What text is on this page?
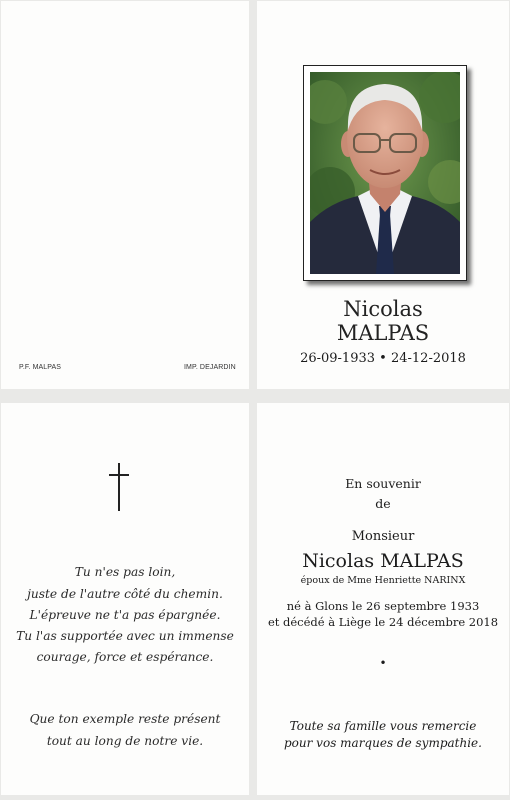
P.F. MALPAS	IMP. DEJARDIN
Nicolas
MALPAS
26-09-1933 • 24-12-2018
Tu n'es pas loin,
juste de l'autre côté du chemin.
L'épreuve ne t'a pas épargnée.
Tu l'as supportée avec un immense
courage, force et espérance.
Que ton exemple reste présent
tout au long de notre vie.
En souvenir
de
Monsieur
Nicolas MALPAS
époux de Mme Henriette NARINX
né à Glons le 26 septembre 1933
et décédé à Liège le 24 décembre 2018
•
Toute sa famille vous remercie
pour vos marques de sympathie.
